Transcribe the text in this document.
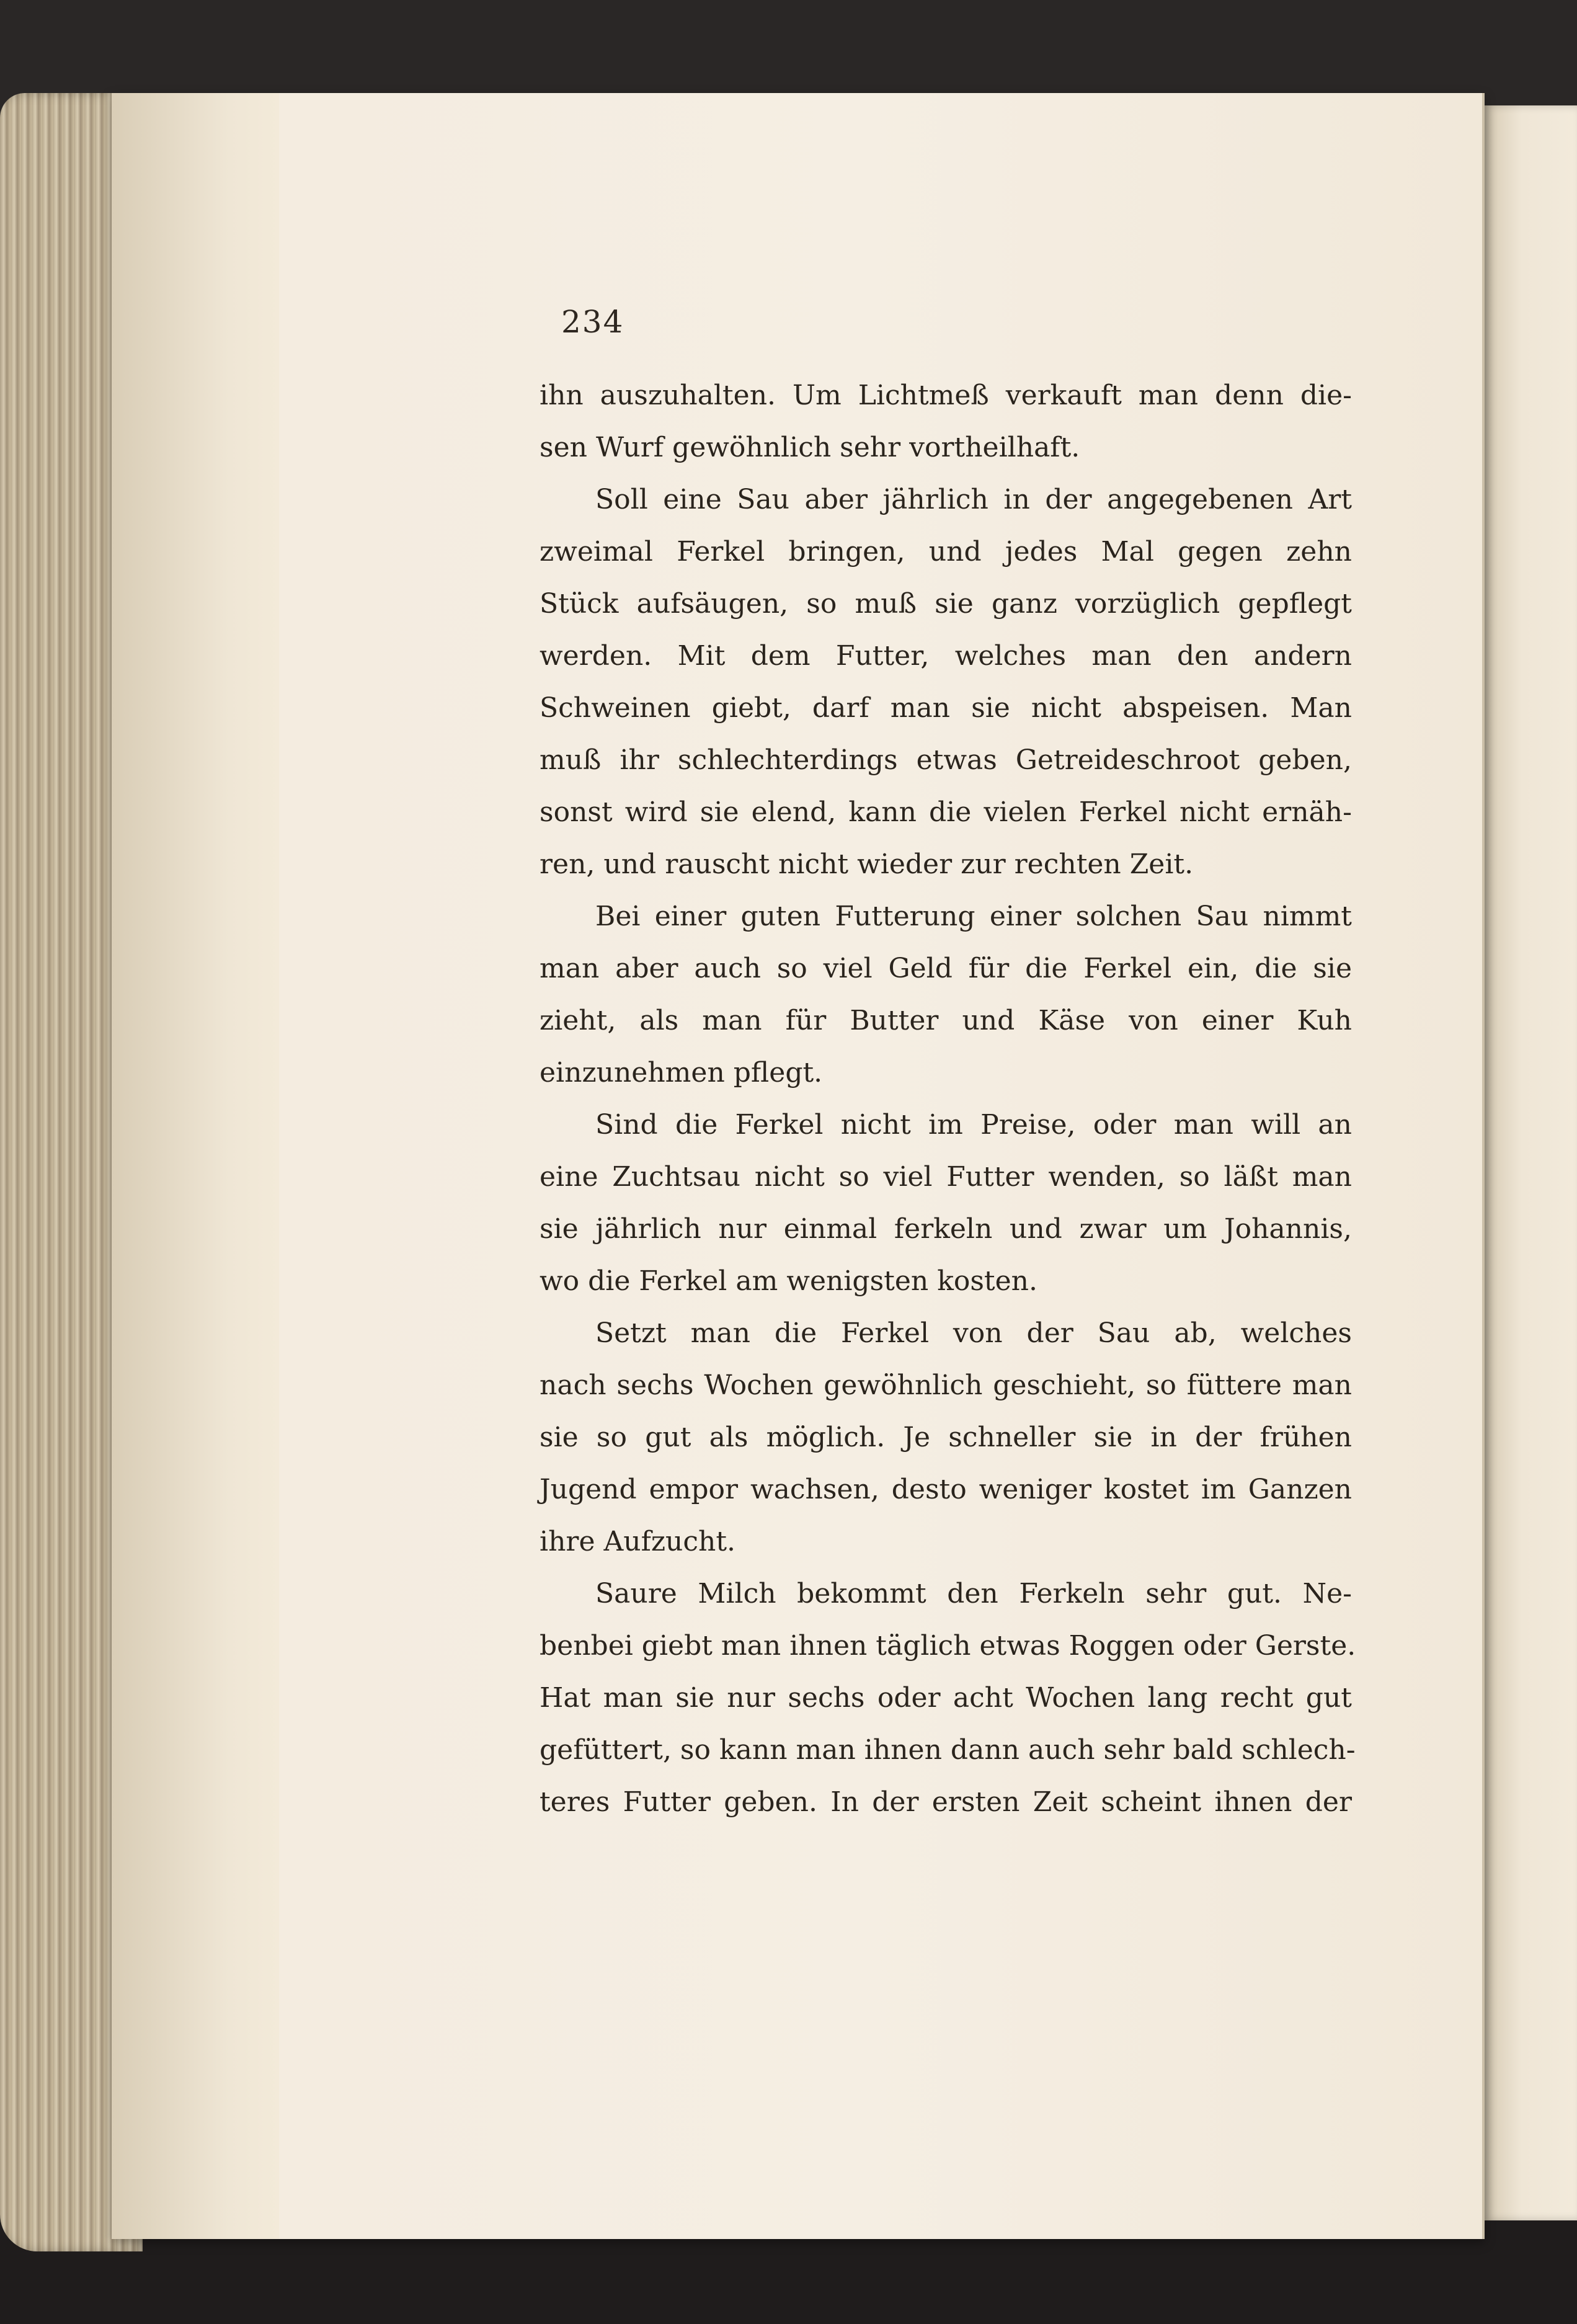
234
ihn auszuhalten. Um Lichtmeß verkauft man denn die-
sen Wurf gewöhnlich sehr vortheilhaft.
Soll eine Sau aber jährlich in der angegebenen Art
zweimal Ferkel bringen, und jedes Mal gegen zehn
Stück aufsäugen, so muß sie ganz vorzüglich gepflegt
werden. Mit dem Futter, welches man den andern
Schweinen giebt, darf man sie nicht abspeisen. Man
muß ihr schlechterdings etwas Getreideschroot geben,
sonst wird sie elend, kann die vielen Ferkel nicht ernäh-
ren, und rauscht nicht wieder zur rechten Zeit.
Bei einer guten Futterung einer solchen Sau nimmt
man aber auch so viel Geld für die Ferkel ein, die sie
zieht, als man für Butter und Käse von einer Kuh
einzunehmen pflegt.
Sind die Ferkel nicht im Preise, oder man will an
eine Zuchtsau nicht so viel Futter wenden, so läßt man
sie jährlich nur einmal ferkeln und zwar um Johannis,
wo die Ferkel am wenigsten kosten.
Setzt man die Ferkel von der Sau ab, welches
nach sechs Wochen gewöhnlich geschieht, so füttere man
sie so gut als möglich. Je schneller sie in der frühen
Jugend empor wachsen, desto weniger kostet im Ganzen
ihre Aufzucht.
Saure Milch bekommt den Ferkeln sehr gut. Ne-
benbei giebt man ihnen täglich etwas Roggen oder Gerste.
Hat man sie nur sechs oder acht Wochen lang recht gut
gefüttert, so kann man ihnen dann auch sehr bald schlech-
teres Futter geben. In der ersten Zeit scheint ihnen der
